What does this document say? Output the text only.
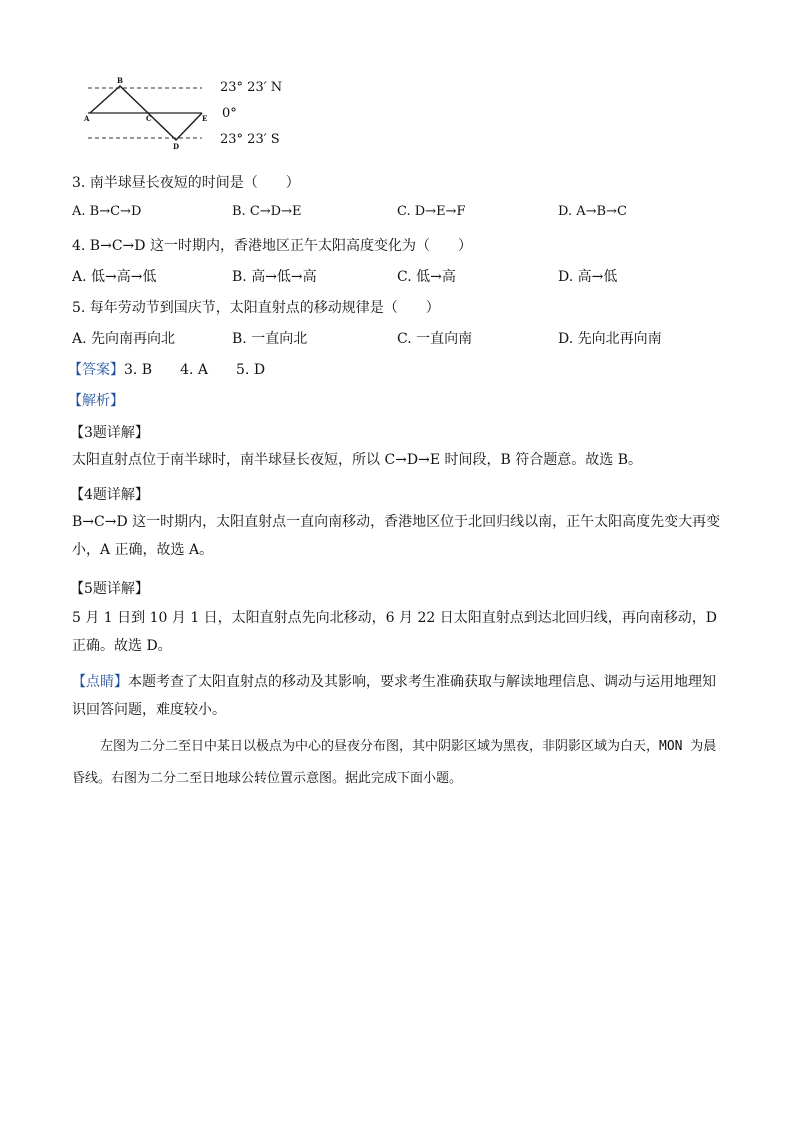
A
B
C
D
E
23° 23′ N
0°
23° 23′ S
3. 南半球昼长夜短的时间是（　　）
A. B→C→D	B. C→D→E	C. D→E→F	D. A→B→C
4. B→C→D 这一时期内，香港地区正午太阳高度变化为（　　）
A. 低→高→低	B. 高→低→高	C. 低→高	D. 高→低
5. 每年劳动节到国庆节，太阳直射点的移动规律是（　　）
A. 先向南再向北	B. 一直向北	C. 一直向南	D. 先向北再向南
【答案】3. B　　4. A　　5. D
【解析】
【3题详解】
太阳直射点位于南半球时，南半球昼长夜短，所以 C→D→E 时间段，B 符合题意。故选 B。
【4题详解】
B→C→D 这一时期内，太阳直射点一直向南移动，香港地区位于北回归线以南，正午太阳高度先变大再变小，A 正确，故选 A。
【5题详解】
5 月 1 日到 10 月 1 日，太阳直射点先向北移动，6 月 22 日太阳直射点到达北回归线，再向南移动，D 正确。故选 D。
【点睛】本题考查了太阳直射点的移动及其影响，要求考生准确获取与解读地理信息、调动与运用地理知识回答问题，难度较小。
左图为二分二至日中某日以极点为中心的昼夜分布图，其中阴影区域为黑夜，非阴影区域为白天，MON 为晨昏线。右图为二分二至日地球公转位置示意图。据此完成下面小题。
